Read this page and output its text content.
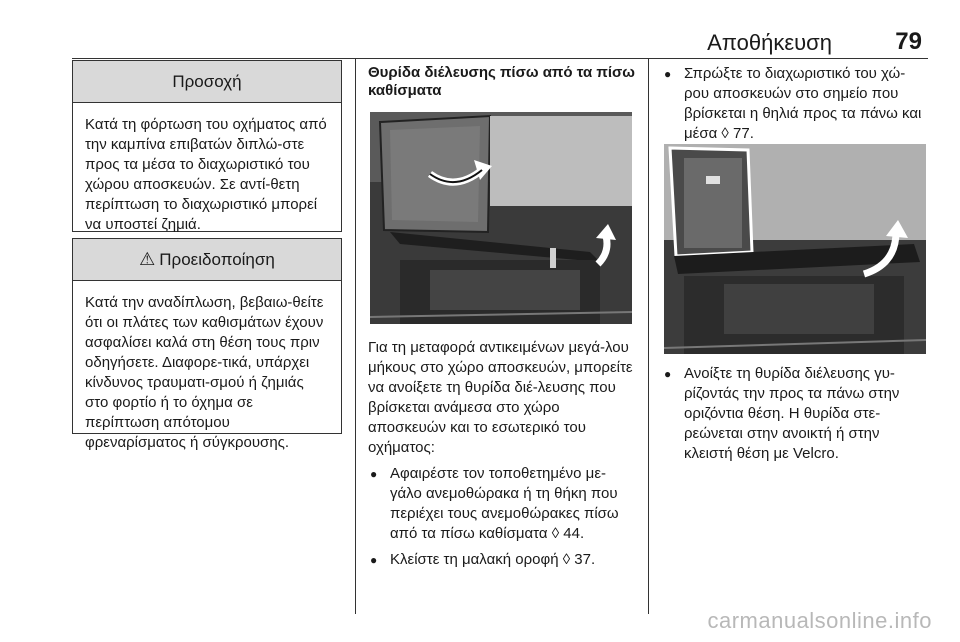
Αποθήκευση	79
Προσοχή
Κατά τη φόρτωση του οχήματος από την καμπίνα επιβατών διπλώ-στε προς τα μέσα το διαχωριστικό του χώρου αποσκευών. Σε αντί-θετη περίπτωση το διαχωριστικό μπορεί να υποστεί ζημιά.
⚠ Προειδοποίηση
Κατά την αναδίπλωση, βεβαιω-θείτε ότι οι πλάτες των καθισμάτων έχουν ασφαλίσει καλά στη θέση τους πριν οδηγήσετε. Διαφορε-τικά, υπάρχει κίνδυνος τραυματι-σμού ή ζημιάς στο φορτίο ή το όχημα σε περίπτωση απότομου φρεναρίσματος ή σύγκρουσης.
Θυρίδα διέλευσης πίσω από τα πίσω καθίσματα
Για τη μεταφορά αντικειμένων μεγά-λου μήκους στο χώρο αποσκευών, μπορείτε να ανοίξετε τη θυρίδα διέ-λευσης που βρίσκεται ανάμεσα στο χώρο αποσκευών και το εσωτερικό του οχήματος:
● Αφαιρέστε τον τοποθετημένο με-γάλο ανεμοθώρακα ή τη θήκη που περιέχει τους ανεμοθώρακες πίσω από τα πίσω καθίσματα ◊ 44.
● Κλείστε τη μαλακή οροφή ◊ 37.
● Σπρώξτε το διαχωριστικό του χώ-ρου αποσκευών στο σημείο που βρίσκεται η θηλιά προς τα πάνω και μέσα ◊ 77.
● Ανοίξτε τη θυρίδα διέλευσης γυ-ρίζοντάς την προς τα πάνω στην οριζόντια θέση. Η θυρίδα στε-ρεώνεται στην ανοικτή ή στην κλειστή θέση με Velcro.
carmanualsonline.info
